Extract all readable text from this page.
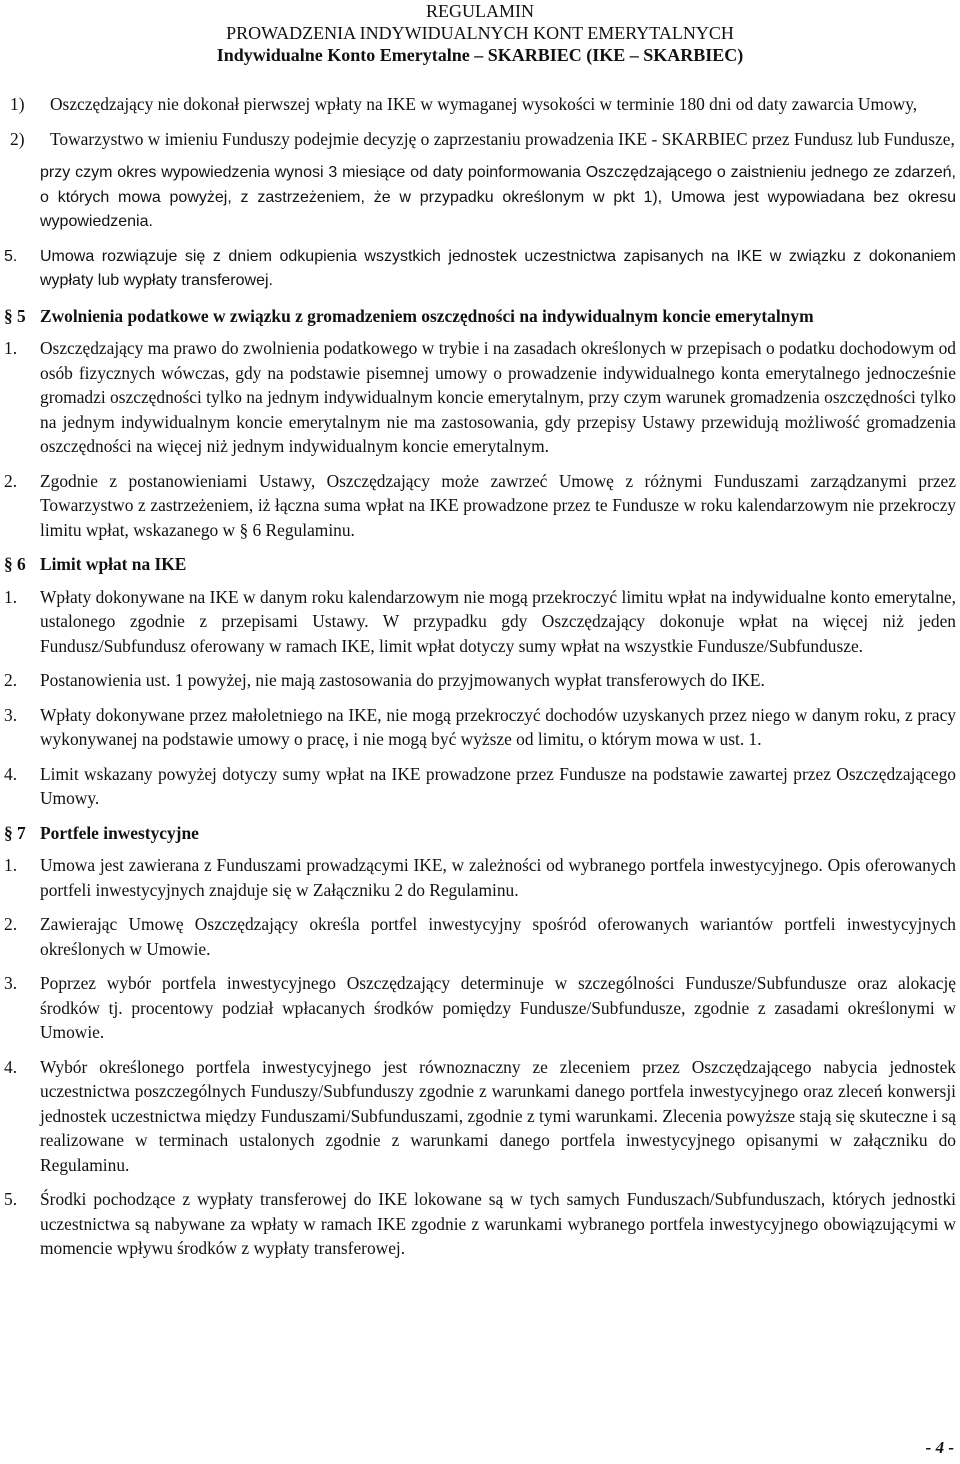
REGULAMIN
PROWADZENIA INDYWIDUALNYCH KONT EMERYTALNYCH
Indywidualne Konto Emerytalne – SKARBIEC (IKE – SKARBIEC)
1)	Oszczędzający nie dokonał pierwszej wpłaty na IKE w wymaganej wysokości w terminie 180 dni od daty zawarcia Umowy,
2)	Towarzystwo w imieniu Funduszy podejmie decyzję o zaprzestaniu prowadzenia IKE - SKARBIEC przez Fundusz lub Fundusze,
przy czym okres wypowiedzenia wynosi 3 miesiące od daty poinformowania Oszczędzającego o zaistnieniu jednego ze zdarzeń, o których mowa powyżej, z zastrzeżeniem, że w przypadku określonym w pkt 1), Umowa jest wypowiadana bez okresu wypowiedzenia.
5.	Umowa rozwiązuje się z dniem odkupienia wszystkich jednostek uczestnictwa zapisanych na IKE w związku z dokonaniem wypłaty lub wypłaty transferowej.
§ 5 Zwolnienia podatkowe w związku z gromadzeniem oszczędności na indywidualnym koncie emerytalnym
1.	Oszczędzający ma prawo do zwolnienia podatkowego w trybie i na zasadach określonych w przepisach o podatku dochodowym od osób fizycznych wówczas, gdy na podstawie pisemnej umowy o prowadzenie indywidualnego konta emerytalnego jednocześnie gromadzi oszczędności tylko na jednym indywidualnym koncie emerytalnym, przy czym warunek gromadzenia oszczędności tylko na jednym indywidualnym koncie emerytalnym nie ma zastosowania, gdy przepisy Ustawy przewidują możliwość gromadzenia oszczędności na więcej niż jednym indywidualnym koncie emerytalnym.
2.	Zgodnie z postanowieniami Ustawy, Oszczędzający może zawrzeć Umowę z różnymi Funduszami zarządzanymi przez Towarzystwo z zastrzeżeniem, iż łączna suma wpłat na IKE prowadzone przez te Fundusze w roku kalendarzowym nie przekroczy limitu wpłat, wskazanego w § 6 Regulaminu.
§ 6 Limit wpłat na IKE
1.	Wpłaty dokonywane na IKE w danym roku kalendarzowym nie mogą przekroczyć limitu wpłat na indywidualne konto emerytalne, ustalonego zgodnie z przepisami Ustawy. W przypadku gdy Oszczędzający dokonuje wpłat na więcej niż jeden Fundusz/Subfundusz oferowany w ramach IKE, limit wpłat dotyczy sumy wpłat na wszystkie Fundusze/Subfundusze.
2.	Postanowienia ust. 1 powyżej, nie mają zastosowania do przyjmowanych wypłat transferowych do IKE.
3.	Wpłaty dokonywane przez małoletniego na IKE, nie mogą przekroczyć dochodów uzyskanych przez niego w danym roku, z pracy wykonywanej na podstawie umowy o pracę, i nie mogą być wyższe od limitu, o którym mowa w ust. 1.
4.	Limit wskazany powyżej dotyczy sumy wpłat na IKE prowadzone przez Fundusze na podstawie zawartej przez Oszczędzającego Umowy.
§ 7 Portfele inwestycyjne
1.	Umowa jest zawierana z Funduszami prowadzącymi IKE, w zależności od wybranego portfela inwestycyjnego. Opis oferowanych portfeli inwestycyjnych znajduje się w Załączniku 2 do Regulaminu.
2.	Zawierając Umowę Oszczędzający określa portfel inwestycyjny spośród oferowanych wariantów portfeli inwestycyjnych określonych w Umowie.
3.	Poprzez wybór portfela inwestycyjnego Oszczędzający determinuje w szczególności Fundusze/Subfundusze oraz alokację środków tj. procentowy podział wpłacanych środków pomiędzy Fundusze/Subfundusze, zgodnie z zasadami określonymi w Umowie.
4.	Wybór określonego portfela inwestycyjnego jest równoznaczny ze zleceniem przez Oszczędzającego nabycia jednostek uczestnictwa poszczególnych Funduszy/Subfunduszy zgodnie z warunkami danego portfela inwestycyjnego oraz zleceń konwersji jednostek uczestnictwa między Funduszami/Subfunduszami, zgodnie z tymi warunkami. Zlecenia powyższe stają się skuteczne i są realizowane w terminach ustalonych zgodnie z warunkami danego portfela inwestycyjnego opisanymi w załączniku do Regulaminu.
5.	Środki pochodzące z wypłaty transferowej do IKE lokowane są w tych samych Funduszach/Subfunduszach, których jednostki uczestnictwa są nabywane za wpłaty w ramach IKE zgodnie z warunkami wybranego portfela inwestycyjnego obowiązującymi w momencie wpływu środków z wypłaty transferowej.
- 4 -
